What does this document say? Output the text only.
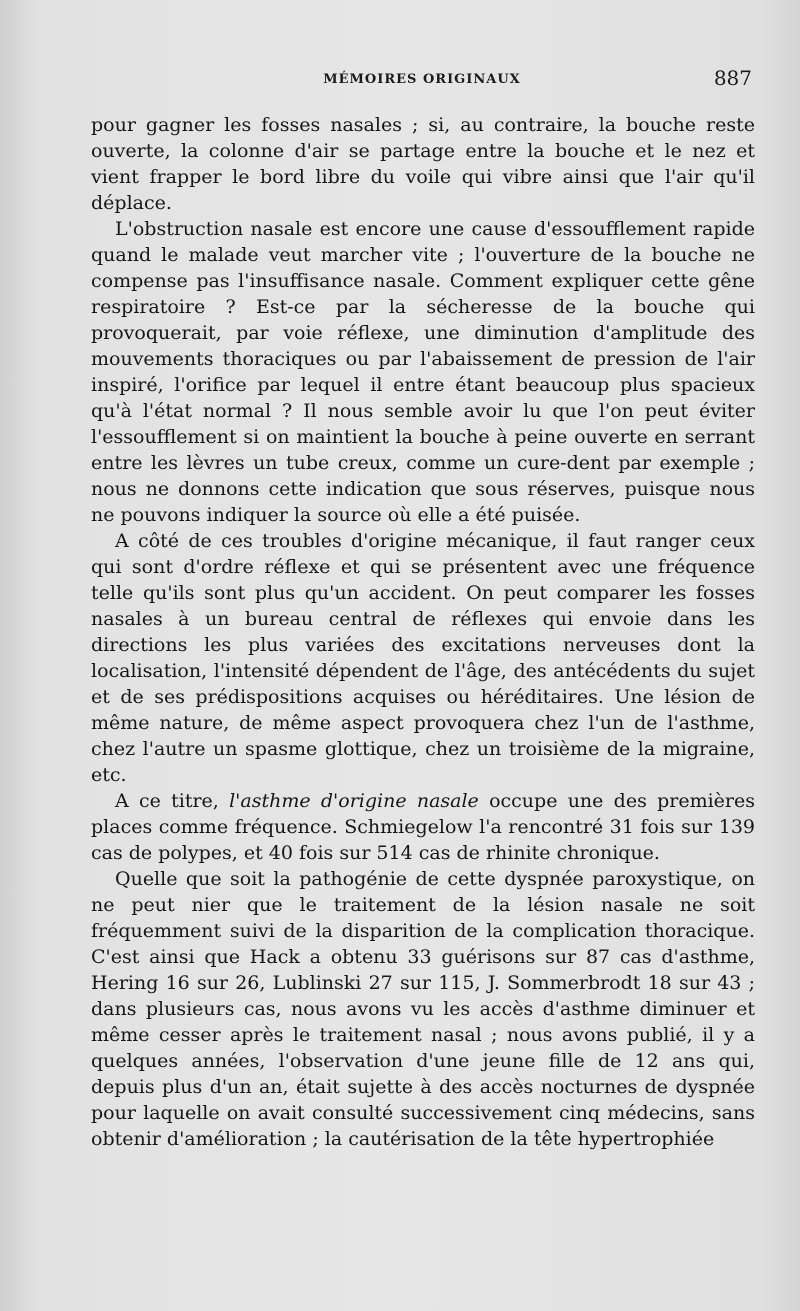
MÉMOIRES ORIGINAUX	887

pour gagner les fosses nasales ; si, au contraire, la bouche reste ouverte, la colonne d'air se partage entre la bouche et le nez et vient frapper le bord libre du voile qui vibre ainsi que l'air qu'il déplace.

L'obstruction nasale est encore une cause d'essoufflement rapide quand le malade veut marcher vite ; l'ouverture de la bouche ne compense pas l'insuffisance nasale. Comment expliquer cette gêne respiratoire ? Est-ce par la sécheresse de la bouche qui provoquerait, par voie réflexe, une diminution d'amplitude des mouvements thoraciques ou par l'abaissement de pression de l'air inspiré, l'orifice par lequel il entre étant beaucoup plus spacieux qu'à l'état normal ? Il nous semble avoir lu que l'on peut éviter l'essoufflement si on maintient la bouche à peine ouverte en serrant entre les lèvres un tube creux, comme un cure-dent par exemple ; nous ne donnons cette indication que sous réserves, puisque nous ne pouvons indiquer la source où elle a été puisée.

A côté de ces troubles d'origine mécanique, il faut ranger ceux qui sont d'ordre réflexe et qui se présentent avec une fréquence telle qu'ils sont plus qu'un accident. On peut comparer les fosses nasales à un bureau central de réflexes qui envoie dans les directions les plus variées des excitations nerveuses dont la localisation, l'intensité dépendent de l'âge, des antécédents du sujet et de ses prédispositions acquises ou héréditaires. Une lésion de même nature, de même aspect provoquera chez l'un de l'asthme, chez l'autre un spasme glottique, chez un troisième de la migraine, etc.

A ce titre, l'asthme d'origine nasale occupe une des premières places comme fréquence. Schmiegelow l'a rencontré 31 fois sur 139 cas de polypes, et 40 fois sur 514 cas de rhinite chronique.

Quelle que soit la pathogénie de cette dyspnée paroxystique, on ne peut nier que le traitement de la lésion nasale ne soit fréquemment suivi de la disparition de la complication thoracique. C'est ainsi que Hack a obtenu 33 guérisons sur 87 cas d'asthme, Hering 16 sur 26, Lublinski 27 sur 115, J. Sommerbrodt 18 sur 43 ; dans plusieurs cas, nous avons vu les accès d'asthme diminuer et même cesser après le traitement nasal ; nous avons publié, il y a quelques années, l'observation d'une jeune fille de 12 ans qui, depuis plus d'un an, était sujette à des accès nocturnes de dyspnée pour laquelle on avait consulté successivement cinq médecins, sans obtenir d'amélioration ; la cautérisation de la tête hypertrophiée
